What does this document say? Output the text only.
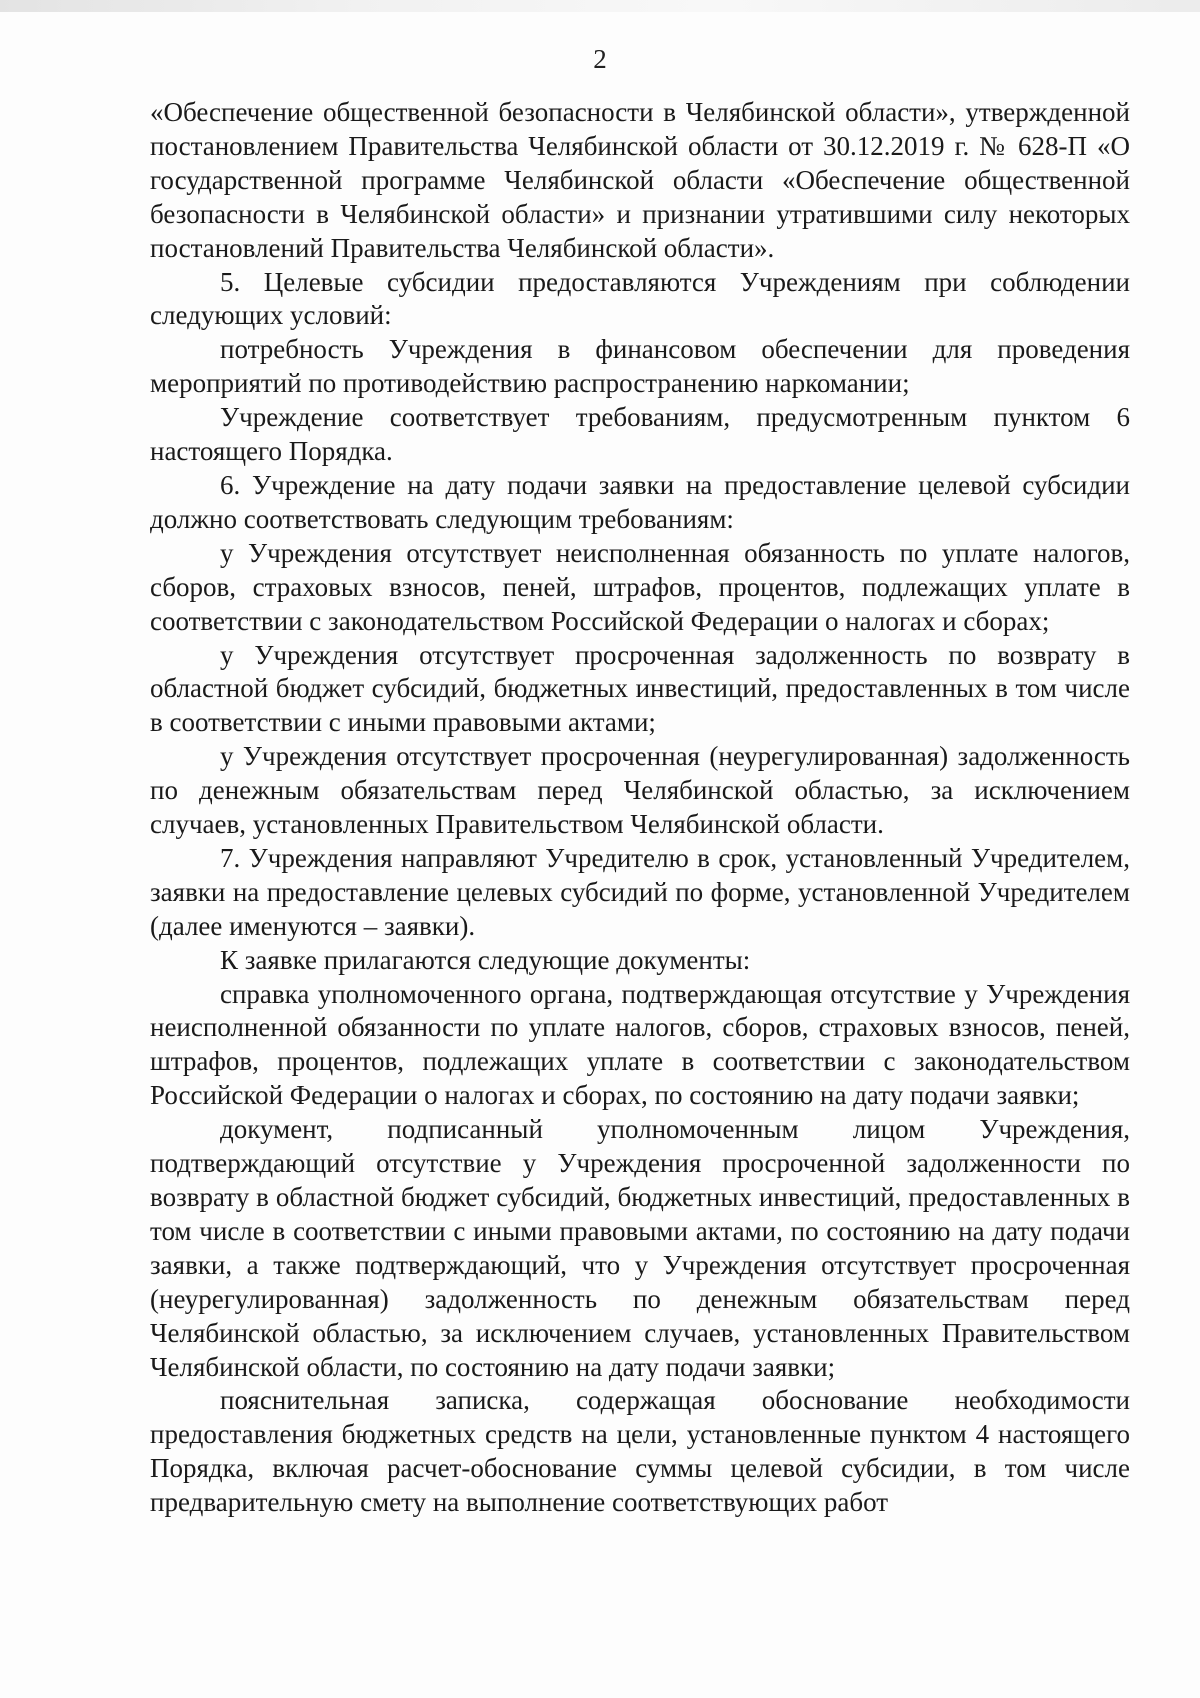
2

«Обеспечение общественной безопасности в Челябинской области», утвержденной постановлением Правительства Челябинской области от 30.12.2019 г. № 628-П «О государственной программе Челябинской области «Обеспечение общественной безопасности в Челябинской области» и признании утратившими силу некоторых постановлений Правительства Челябинской области».

5. Целевые субсидии предоставляются Учреждениям при соблюдении следующих условий:

потребность Учреждения в финансовом обеспечении для проведения мероприятий по противодействию распространению наркомании;

Учреждение соответствует требованиям, предусмотренным пунктом 6 настоящего Порядка.

6. Учреждение на дату подачи заявки на предоставление целевой субсидии должно соответствовать следующим требованиям:

у Учреждения отсутствует неисполненная обязанность по уплате налогов, сборов, страховых взносов, пеней, штрафов, процентов, подлежащих уплате в соответствии с законодательством Российской Федерации о налогах и сборах;

у Учреждения отсутствует просроченная задолженность по возврату в областной бюджет субсидий, бюджетных инвестиций, предоставленных в том числе в соответствии с иными правовыми актами;

у Учреждения отсутствует просроченная (неурегулированная) задолженность по денежным обязательствам перед Челябинской областью, за исключением случаев, установленных Правительством Челябинской области.

7. Учреждения направляют Учредителю в срок, установленный Учредителем, заявки на предоставление целевых субсидий по форме, установленной Учредителем (далее именуются – заявки).

К заявке прилагаются следующие документы:

справка уполномоченного органа, подтверждающая отсутствие у Учреждения неисполненной обязанности по уплате налогов, сборов, страховых взносов, пеней, штрафов, процентов, подлежащих уплате в соответствии с законодательством Российской Федерации о налогах и сборах, по состоянию на дату подачи заявки;

документ, подписанный уполномоченным лицом Учреждения, подтверждающий отсутствие у Учреждения просроченной задолженности по возврату в областной бюджет субсидий, бюджетных инвестиций, предоставленных в том числе в соответствии с иными правовыми актами, по состоянию на дату подачи заявки, а также подтверждающий, что у Учреждения отсутствует просроченная (неурегулированная) задолженность по денежным обязательствам перед Челябинской областью, за исключением случаев, установленных Правительством Челябинской области, по состоянию на дату подачи заявки;

пояснительная записка, содержащая обоснование необходимости предоставления бюджетных средств на цели, установленные пунктом 4 настоящего Порядка, включая расчет-обоснование суммы целевой субсидии, в том числе предварительную смету на выполнение соответствующих работ
